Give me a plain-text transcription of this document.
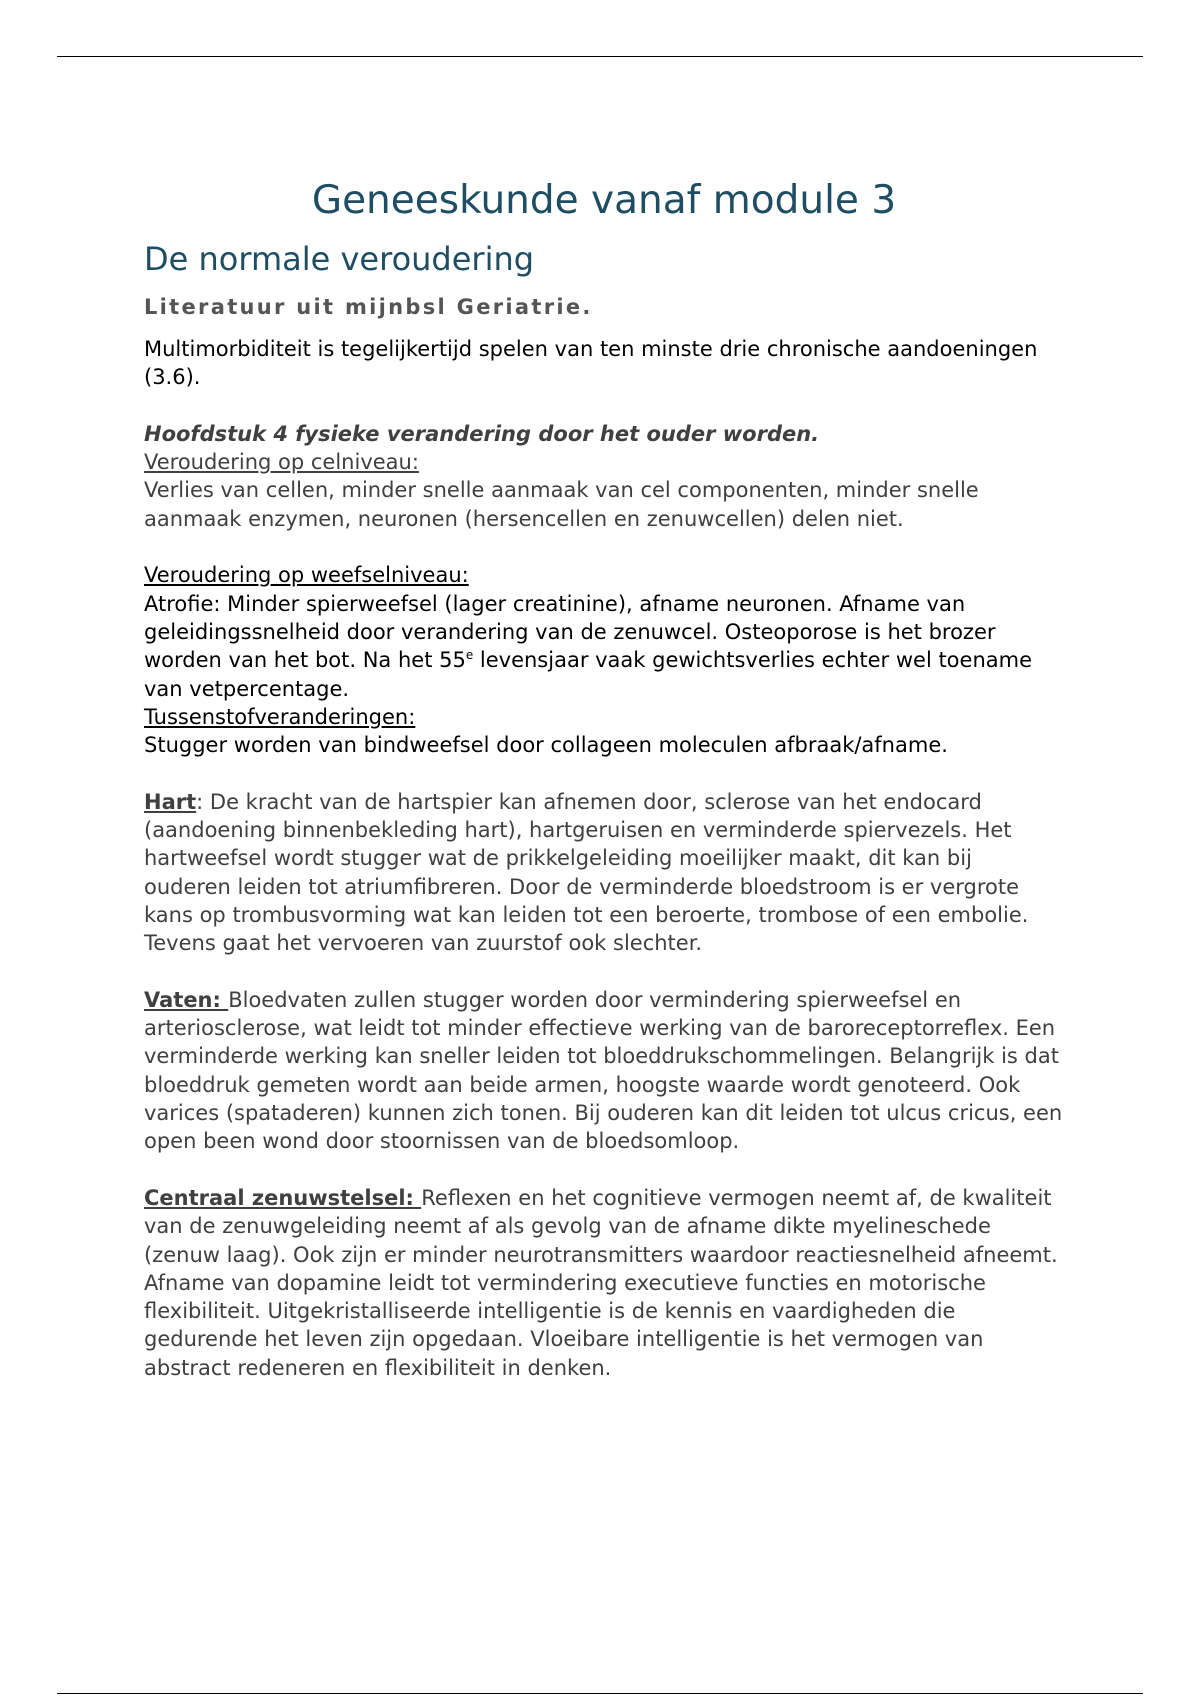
Geneeskunde vanaf module 3
De normale veroudering

Literatuur uit mijnbsl Geriatrie.

Multimorbiditeit is tegelijkertijd spelen van ten minste drie chronische aandoeningen (3.6).

Hoofdstuk 4 fysieke verandering door het ouder worden.

Veroudering op celniveau:
Verlies van cellen, minder snelle aanmaak van cel componenten, minder snelle aanmaak enzymen, neuronen (hersencellen en zenuwcellen) delen niet.

Veroudering op weefselniveau:
Atrofie: Minder spierweefsel (lager creatinine), afname neuronen. Afname van geleidingssnelheid door verandering van de zenuwcel. Osteoporose is het brozer worden van het bot. Na het 55e levensjaar vaak gewichtsverlies echter wel toename van vetpercentage.

Tussenstofveranderingen:
Stugger worden van bindweefsel door collageen moleculen afbraak/afname.

Hart: De kracht van de hartspier kan afnemen door, sclerose van het endocard (aandoening binnenbekleding hart), hartgeruisen en verminderde spiervezels. Het hartweefsel wordt stugger wat de prikkelgeleiding moeilijker maakt, dit kan bij ouderen leiden tot atriumfibreren. Door de verminderde bloedstroom is er vergrote kans op trombusvorming wat kan leiden tot een beroerte, trombose of een embolie. Tevens gaat het vervoeren van zuurstof ook slechter.

Vaten: Bloedvaten zullen stugger worden door vermindering spierweefsel en arteriosclerose, wat leidt tot minder effectieve werking van de baroreceptorreflex. Een verminderde werking kan sneller leiden tot bloeddrukschommelingen. Belangrijk is dat bloeddruk gemeten wordt aan beide armen, hoogste waarde wordt genoteerd. Ook varices (spataderen) kunnen zich tonen. Bij ouderen kan dit leiden tot ulcus cricus, een open been wond door stoornissen van de bloedsomloop.

Centraal zenuwstelsel: Reflexen en het cognitieve vermogen neemt af, de kwaliteit van de zenuwgeleiding neemt af als gevolg van de afname dikte myelineschede (zenuw laag). Ook zijn er minder neurotransmitters waardoor reactiesnelheid afneemt. Afname van dopamine leidt tot vermindering executieve functies en motorische flexibiliteit. Uitgekristalliseerde intelligentie is de kennis en vaardigheden die gedurende het leven zijn opgedaan. Vloeibare intelligentie is het vermogen van abstract redeneren en flexibiliteit in denken.
